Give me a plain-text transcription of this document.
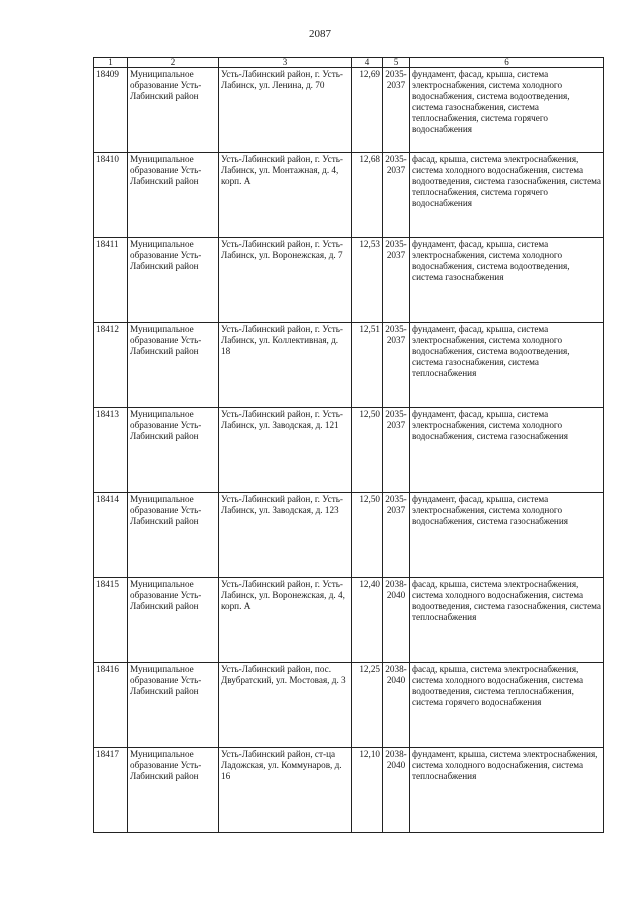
2087
1	2	3	4	5	6
18409	Муниципальное образование Усть-Лабинский район	Усть-Лабинский район, г. Усть-Лабинск, ул. Ленина, д. 70	12,69	2035-2037	фундамент, фасад, крыша, система электроснабжения, система холодного водоснабжения, система водоотведения, система газоснабжения, система теплоснабжения, система горячего водоснабжения
18410	Муниципальное образование Усть-Лабинский район	Усть-Лабинский район, г. Усть-Лабинск, ул. Монтажная, д. 4, корп. А	12,68	2035-2037	фасад, крыша, система электроснабжения, система холодного водоснабжения, система водоотведения, система газоснабжения, система теплоснабжения, система горячего водоснабжения
18411	Муниципальное образование Усть-Лабинский район	Усть-Лабинский район, г. Усть-Лабинск, ул. Воронежская, д. 7	12,53	2035-2037	фундамент, фасад, крыша, система электроснабжения, система холодного водоснабжения, система водоотведения, система газоснабжения
18412	Муниципальное образование Усть-Лабинский район	Усть-Лабинский район, г. Усть-Лабинск, ул. Коллективная, д. 18	12,51	2035-2037	фундамент, фасад, крыша, система электроснабжения, система холодного водоснабжения, система водоотведения, система газоснабжения, система теплоснабжения
18413	Муниципальное образование Усть-Лабинский район	Усть-Лабинский район, г. Усть-Лабинск, ул. Заводская, д. 121	12,50	2035-2037	фундамент, фасад, крыша, система электроснабжения, система холодного водоснабжения, система газоснабжения
18414	Муниципальное образование Усть-Лабинский район	Усть-Лабинский район, г. Усть-Лабинск, ул. Заводская, д. 123	12,50	2035-2037	фундамент, фасад, крыша, система электроснабжения, система холодного водоснабжения, система газоснабжения
18415	Муниципальное образование Усть-Лабинский район	Усть-Лабинский район, г. Усть-Лабинск, ул. Воронежская, д. 4, корп. А	12,40	2038-2040	фасад, крыша, система электроснабжения, система холодного водоснабжения, система водоотведения, система газоснабжения, система теплоснабжения
18416	Муниципальное образование Усть-Лабинский район	Усть-Лабинский район, пос. Двубратский, ул. Мостовая, д. 3	12,25	2038-2040	фасад, крыша, система электроснабжения, система холодного водоснабжения, система водоотведения, система теплоснабжения, система горячего водоснабжения
18417	Муниципальное образование Усть-Лабинский район	Усть-Лабинский район, ст-ца Ладожская, ул. Коммунаров, д. 16	12,10	2038-2040	фундамент, крыша, система электроснабжения, система холодного водоснабжения, система теплоснабжения
